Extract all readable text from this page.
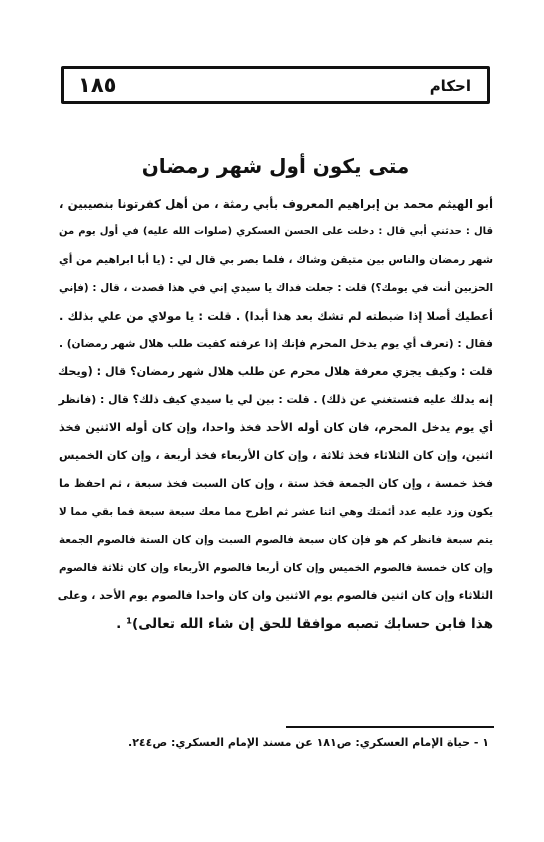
١٨٥	احكام
متى يكون أول شهر رمضان
أبو الهيثم محمد بن إبراهيم المعروف بأبي رمثة ، من أهل كفرتونا بنصيبين ،
قال : حدثني أبي قال : دخلت على الحسن العسكري (صلوات الله عليه) في أول يوم من
شهر رمضان والناس بين متيقن وشاك ، فلما بصر بي قال لي : (يا أبا ابراهيم من أي
الحزبين أنت في يومك؟) قلت : جعلت فداك يا سيدي إني في هذا قصدت ، قال : (فإني
أعطيك أصلا إذا ضبطته لم تشك بعد هذا أبدا) . قلت : يا مولاي من علي بذلك .
فقال : (تعرف أي يوم يدخل المحرم فإنك إذا عرفته كفيت طلب هلال شهر رمضان) .
قلت : وكيف يجزي معرفة هلال محرم عن طلب هلال شهر رمضان؟ قال : (ويحك
إنه يدلك عليه فتستغني عن ذلك) . قلت : بين لي يا سيدي كيف ذلك؟ قال : (فانظر
أي يوم يدخل المحرم، فان كان أوله الأحد فخذ واحدا، وإن كان أوله الاثنين فخذ
اثنين، وإن كان الثلاثاء فخذ ثلاثة ، وإن كان الأربعاء فخذ أربعة ، وإن كان الخميس
فخذ خمسة ، وإن كان الجمعة فخذ ستة ، وإن كان السبت فخذ سبعة ، ثم احفظ ما
يكون وزد عليه عدد أئمتك وهي اثنا عشر ثم اطرح مما معك سبعة سبعة فما بقي مما لا
يتم سبعة فانظر كم هو فإن كان سبعة فالصوم السبت وإن كان الستة فالصوم الجمعة
وإن كان خمسة فالصوم الخميس وإن كان أربعا فالصوم الأربعاء وإن كان ثلاثة فالصوم
الثلاثاء وإن كان اثنين فالصوم يوم الاثنين وان كان واحدا فالصوم يوم الأحد ، وعلى
هذا فابن حسابك تصبه موافقا للحق إن شاء الله تعالى)¹ .
١ - حياة الإمام العسكري: ص١٨١ عن مسند الإمام العسكري: ص٢٤٤.
